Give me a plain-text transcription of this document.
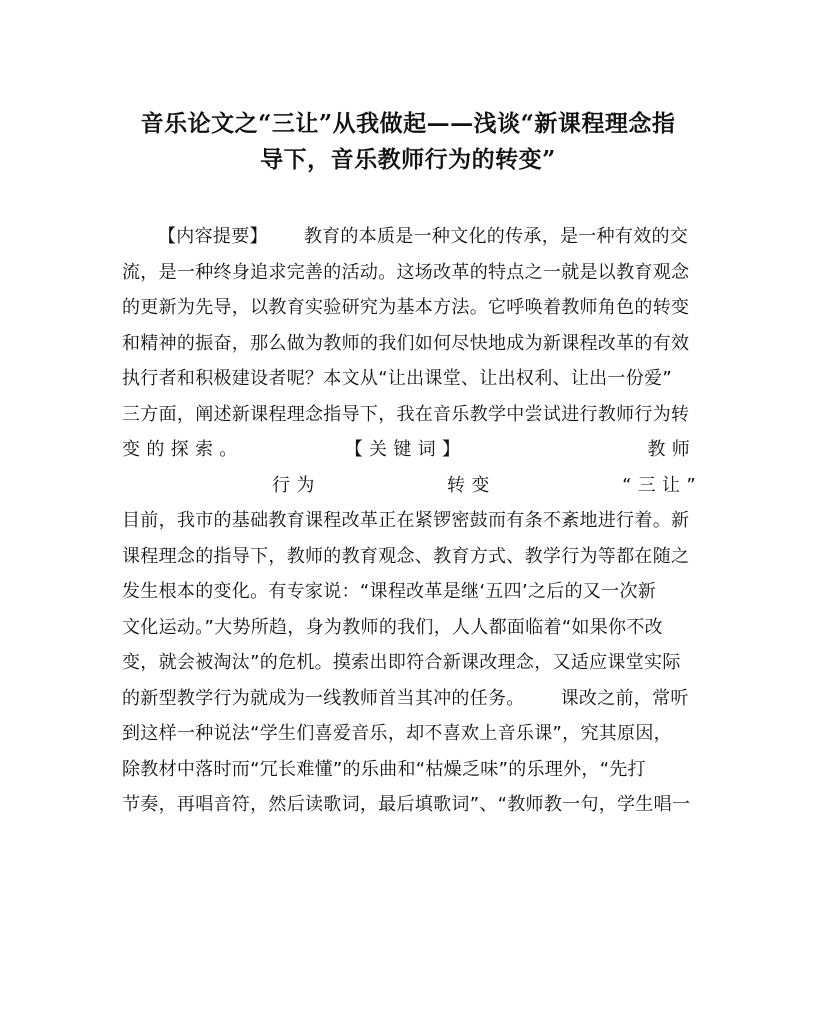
音乐论文之“三让”从我做起——浅谈“新课程理念指
导下，音乐教师行为的转变”
【内容提要】 教育的本质是一种文化的传承，是一种有效的交
流，是一种终身追求完善的活动。这场改革的特点之一就是以教育观念
的更新为先导，以教育实验研究为基本方法。它呼唤着教师角色的转变
和精神的振奋，那么做为教师的我们如何尽快地成为新课程改革的有效
执行者和积极建设者呢？本文从“让出课堂、让出权利、让出一份爱”
三方面，阐述新课程理念指导下，我在音乐教学中尝试进行教师行为转
变 的 探 索 。	【 关 键 词 】	教 师
行 为	转 变	“ 三 让 ”
目前，我市的基础教育课程改革正在紧锣密鼓而有条不紊地进行着。新
课程理念的指导下，教师的教育观念、教育方式、教学行为等都在随之
发生根本的变化。有专家说：“课程改革是继‘五四’之后的又一次新
文化运动。”大势所趋，身为教师的我们，人人都面临着“如果你不改
变，就会被淘汰”的危机。摸索出即符合新课改理念，又适应课堂实际
的新型教学行为就成为一线教师首当其冲的任务。 课改之前，常听
到这样一种说法“学生们喜爱音乐，却不喜欢上音乐课”，究其原因，
除教材中落时而“冗长难懂”的乐曲和“枯燥乏味”的乐理外，“先打
节奏，再唱音符，然后读歌词，最后填歌词”、“教师教一句，学生唱一
